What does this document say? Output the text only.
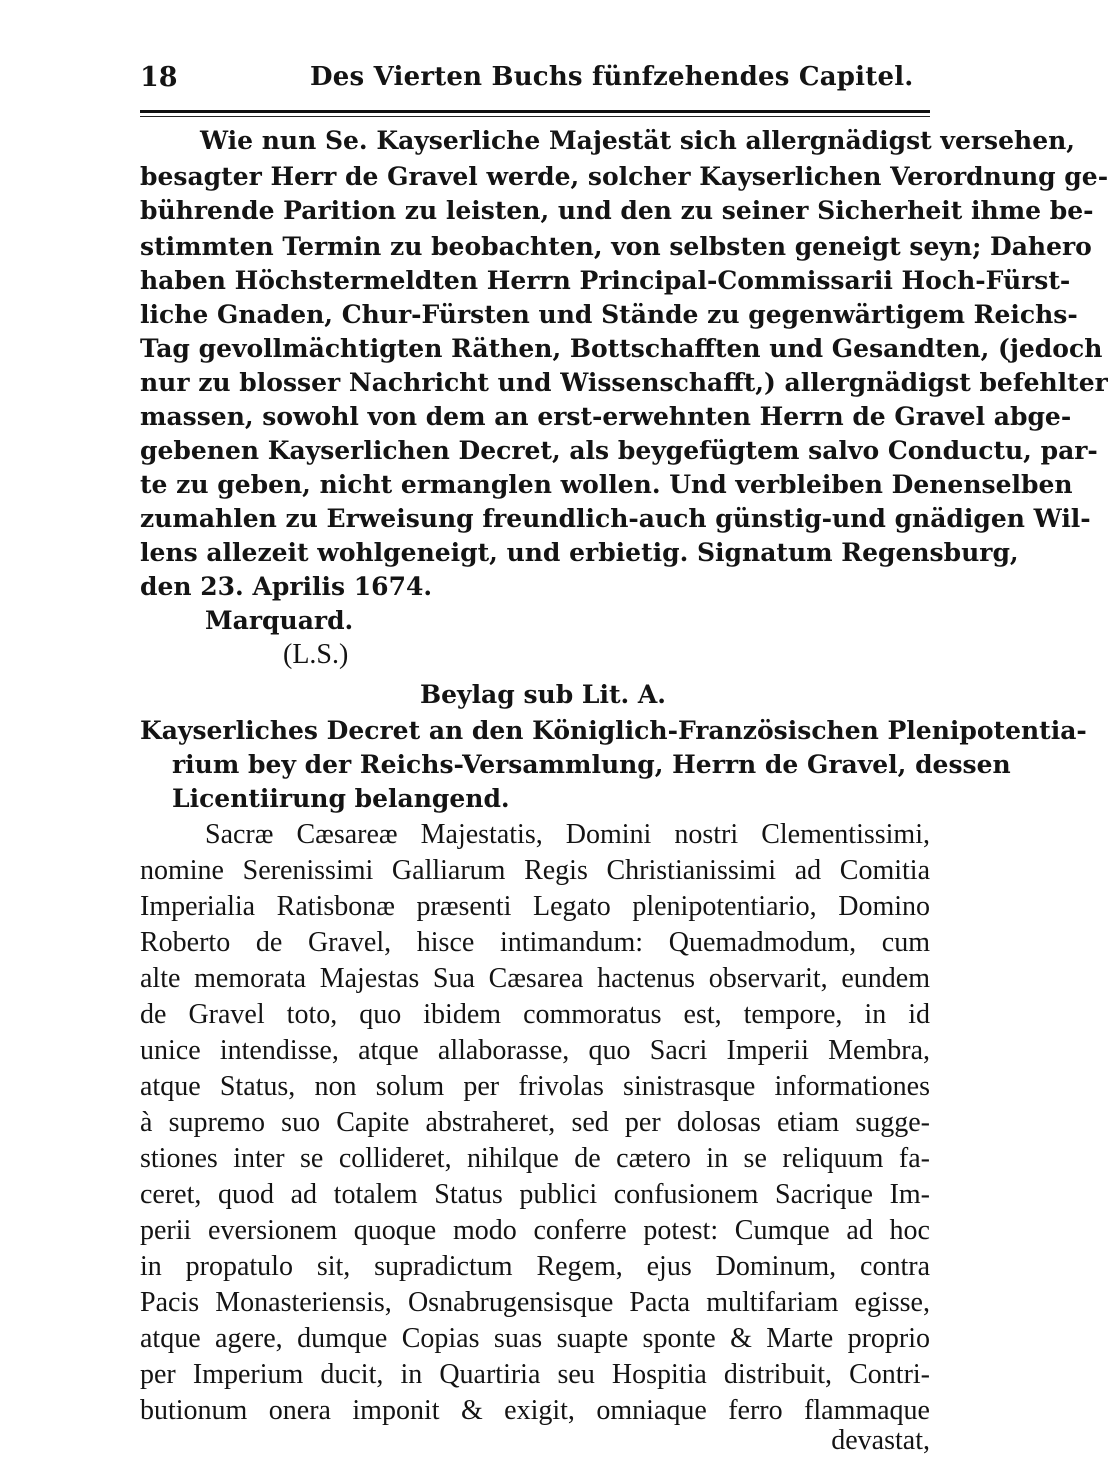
18	Des Vierten Buchs fünfzehendes Capitel.
Wie nun Se. Kayserliche Majestät sich allergnädigst versehen,
besagter Herr de Gravel werde, solcher Kayserlichen Verordnung ge-
bührende Parition zu leisten, und den zu seiner Sicherheit ihme be-
stimmten Termin zu beobachten, von selbsten geneigt seyn; Dahero
haben Höchstermeldten Herrn Principal-Commissarii Hoch-Fürst-
liche Gnaden, Chur-Fürsten und Stände zu gegenwärtigem Reichs-
Tag gevollmächtigten Räthen, Bottschafften und Gesandten, (jedoch
nur zu blosser Nachricht und Wissenschafft,) allergnädigst befehlter
massen, sowohl von dem an erst-erwehnten Herrn de Gravel abge-
gebenen Kayserlichen Decret, als beygefügtem salvo Conductu, par-
te zu geben, nicht ermanglen wollen. Und verbleiben Denenselben
zumahlen zu Erweisung freundlich-auch günstig-und gnädigen Wil-
lens allezeit wohlgeneigt, und erbietig. Signatum Regensburg,
den 23. Aprilis 1674.
Marquard.
(L.S.)
Beylag sub Lit. A.
Kayserliches Decret an den Königlich-Französischen Plenipotentia-
rium bey der Reichs-Versammlung, Herrn de Gravel, dessen
Licentiirung belangend.
Sacræ Cæsareæ Majestatis, Domini nostri Clementissimi,
nomine Serenissimi Galliarum Regis Christianissimi ad Comitia
Imperialia Ratisbonæ præsenti Legato plenipotentiario, Domino
Roberto de Gravel, hisce intimandum: Quemadmodum, cum
alte memorata Majestas Sua Cæsarea hactenus observarit, eundem
de Gravel toto, quo ibidem commoratus est, tempore, in id
unice intendisse, atque allaborasse, quo Sacri Imperii Membra,
atque Status, non solum per frivolas sinistrasque informationes
à supremo suo Capite abstraheret, sed per dolosas etiam sugge-
stiones inter se collideret, nihilque de cætero in se reliquum fa-
ceret, quod ad totalem Status publici confusionem Sacrique Im-
perii eversionem quoque modo conferre potest: Cumque ad hoc
in propatulo sit, supradictum Regem, ejus Dominum, contra
Pacis Monasteriensis, Osnabrugensisque Pacta multifariam egisse,
atque agere, dumque Copias suas suapte sponte & Marte proprio
per Imperium ducit, in Quartiria seu Hospitia distribuit, Contri-
butionum onera imponit & exigit, omniaque ferro flammaque
devastat,
